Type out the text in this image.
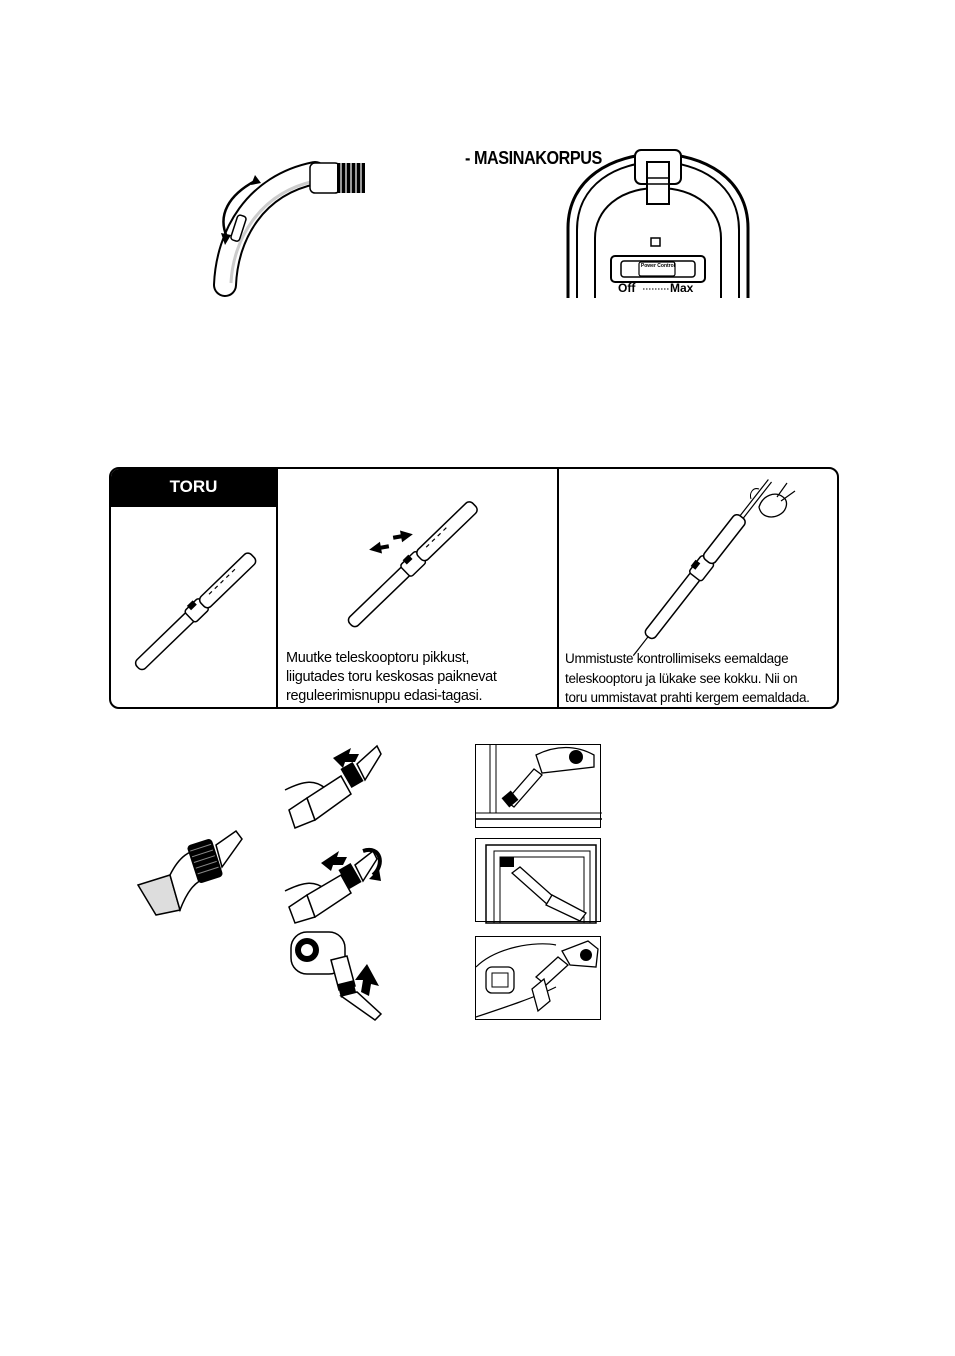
- MASINAKORPUS
Power Control
Off	Max
TORU
Muutke teleskooptoru pikkust,
liigutades toru keskosas paiknevat
reguleerimisnuppu edasi-tagasi.
Ummistuste kontrollimiseks eemaldage
teleskooptoru ja lükake see kokku. Nii on
toru ummistavat prahti kergem eemaldada.
